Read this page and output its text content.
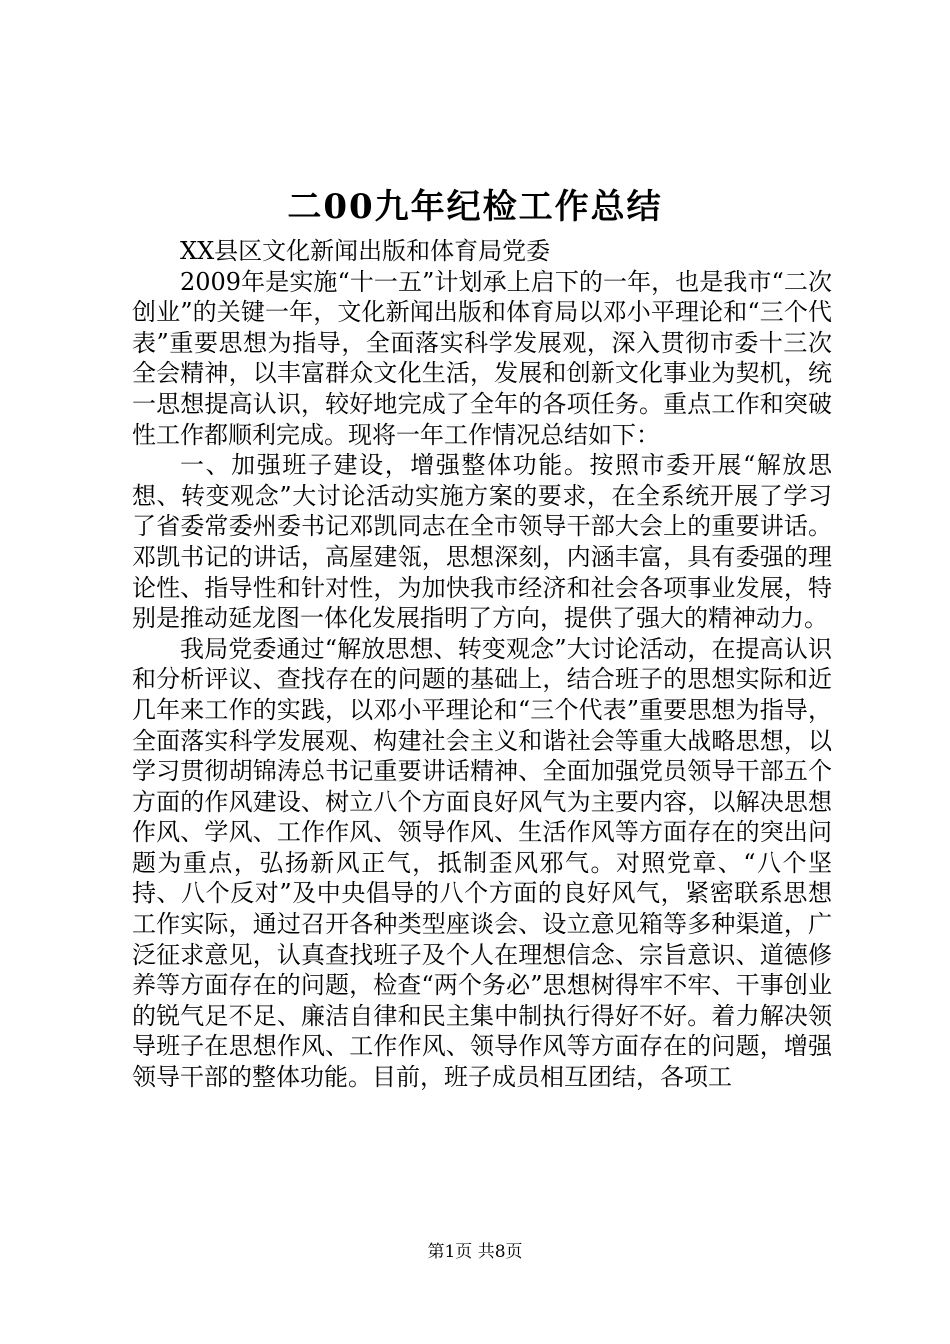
二00九年纪检工作总结

XX县区文化新闻出版和体育局党委

2009年是实施“十一五”计划承上启下的一年，也是我市“二次创业”的关键一年，文化新闻出版和体育局以邓小平理论和“三个代表”重要思想为指导，全面落实科学发展观，深入贯彻市委十三次全会精神，以丰富群众文化生活，发展和创新文化事业为契机，统一思想提高认识，较好地完成了全年的各项任务。重点工作和突破性工作都顺利完成。现将一年工作情况总结如下：

一、加强班子建设，增强整体功能。按照市委开展“解放思想、转变观念”大讨论活动实施方案的要求，在全系统开展了学习了省委常委州委书记邓凯同志在全市领导干部大会上的重要讲话。邓凯书记的讲话，高屋建瓴，思想深刻，内涵丰富，具有委强的理论性、指导性和针对性，为加快我市经济和社会各项事业发展，特别是推动延龙图一体化发展指明了方向，提供了强大的精神动力。

我局党委通过“解放思想、转变观念”大讨论活动，在提高认识和分析评议、查找存在的问题的基础上，结合班子的思想实际和近几年来工作的实践，以邓小平理论和“三个代表”重要思想为指导，全面落实科学发展观、构建社会主义和谐社会等重大战略思想，以学习贯彻胡锦涛总书记重要讲话精神、全面加强党员领导干部五个方面的作风建设、树立八个方面良好风气为主要内容，以解决思想作风、学风、工作作风、领导作风、生活作风等方面存在的突出问题为重点，弘扬新风正气，抵制歪风邪气。对照党章、“八个坚持、八个反对”及中央倡导的八个方面的良好风气，紧密联系思想工作实际，通过召开各种类型座谈会、设立意见箱等多种渠道，广泛征求意见，认真查找班子及个人在理想信念、宗旨意识、道德修养等方面存在的问题，检查“两个务必”思想树得牢不牢、干事创业的锐气足不足、廉洁自律和民主集中制执行得好不好。着力解决领导班子在思想作风、工作作风、领导作风等方面存在的问题，增强领导干部的整体功能。目前，班子成员相互团结，各项工

第1页 共8页
